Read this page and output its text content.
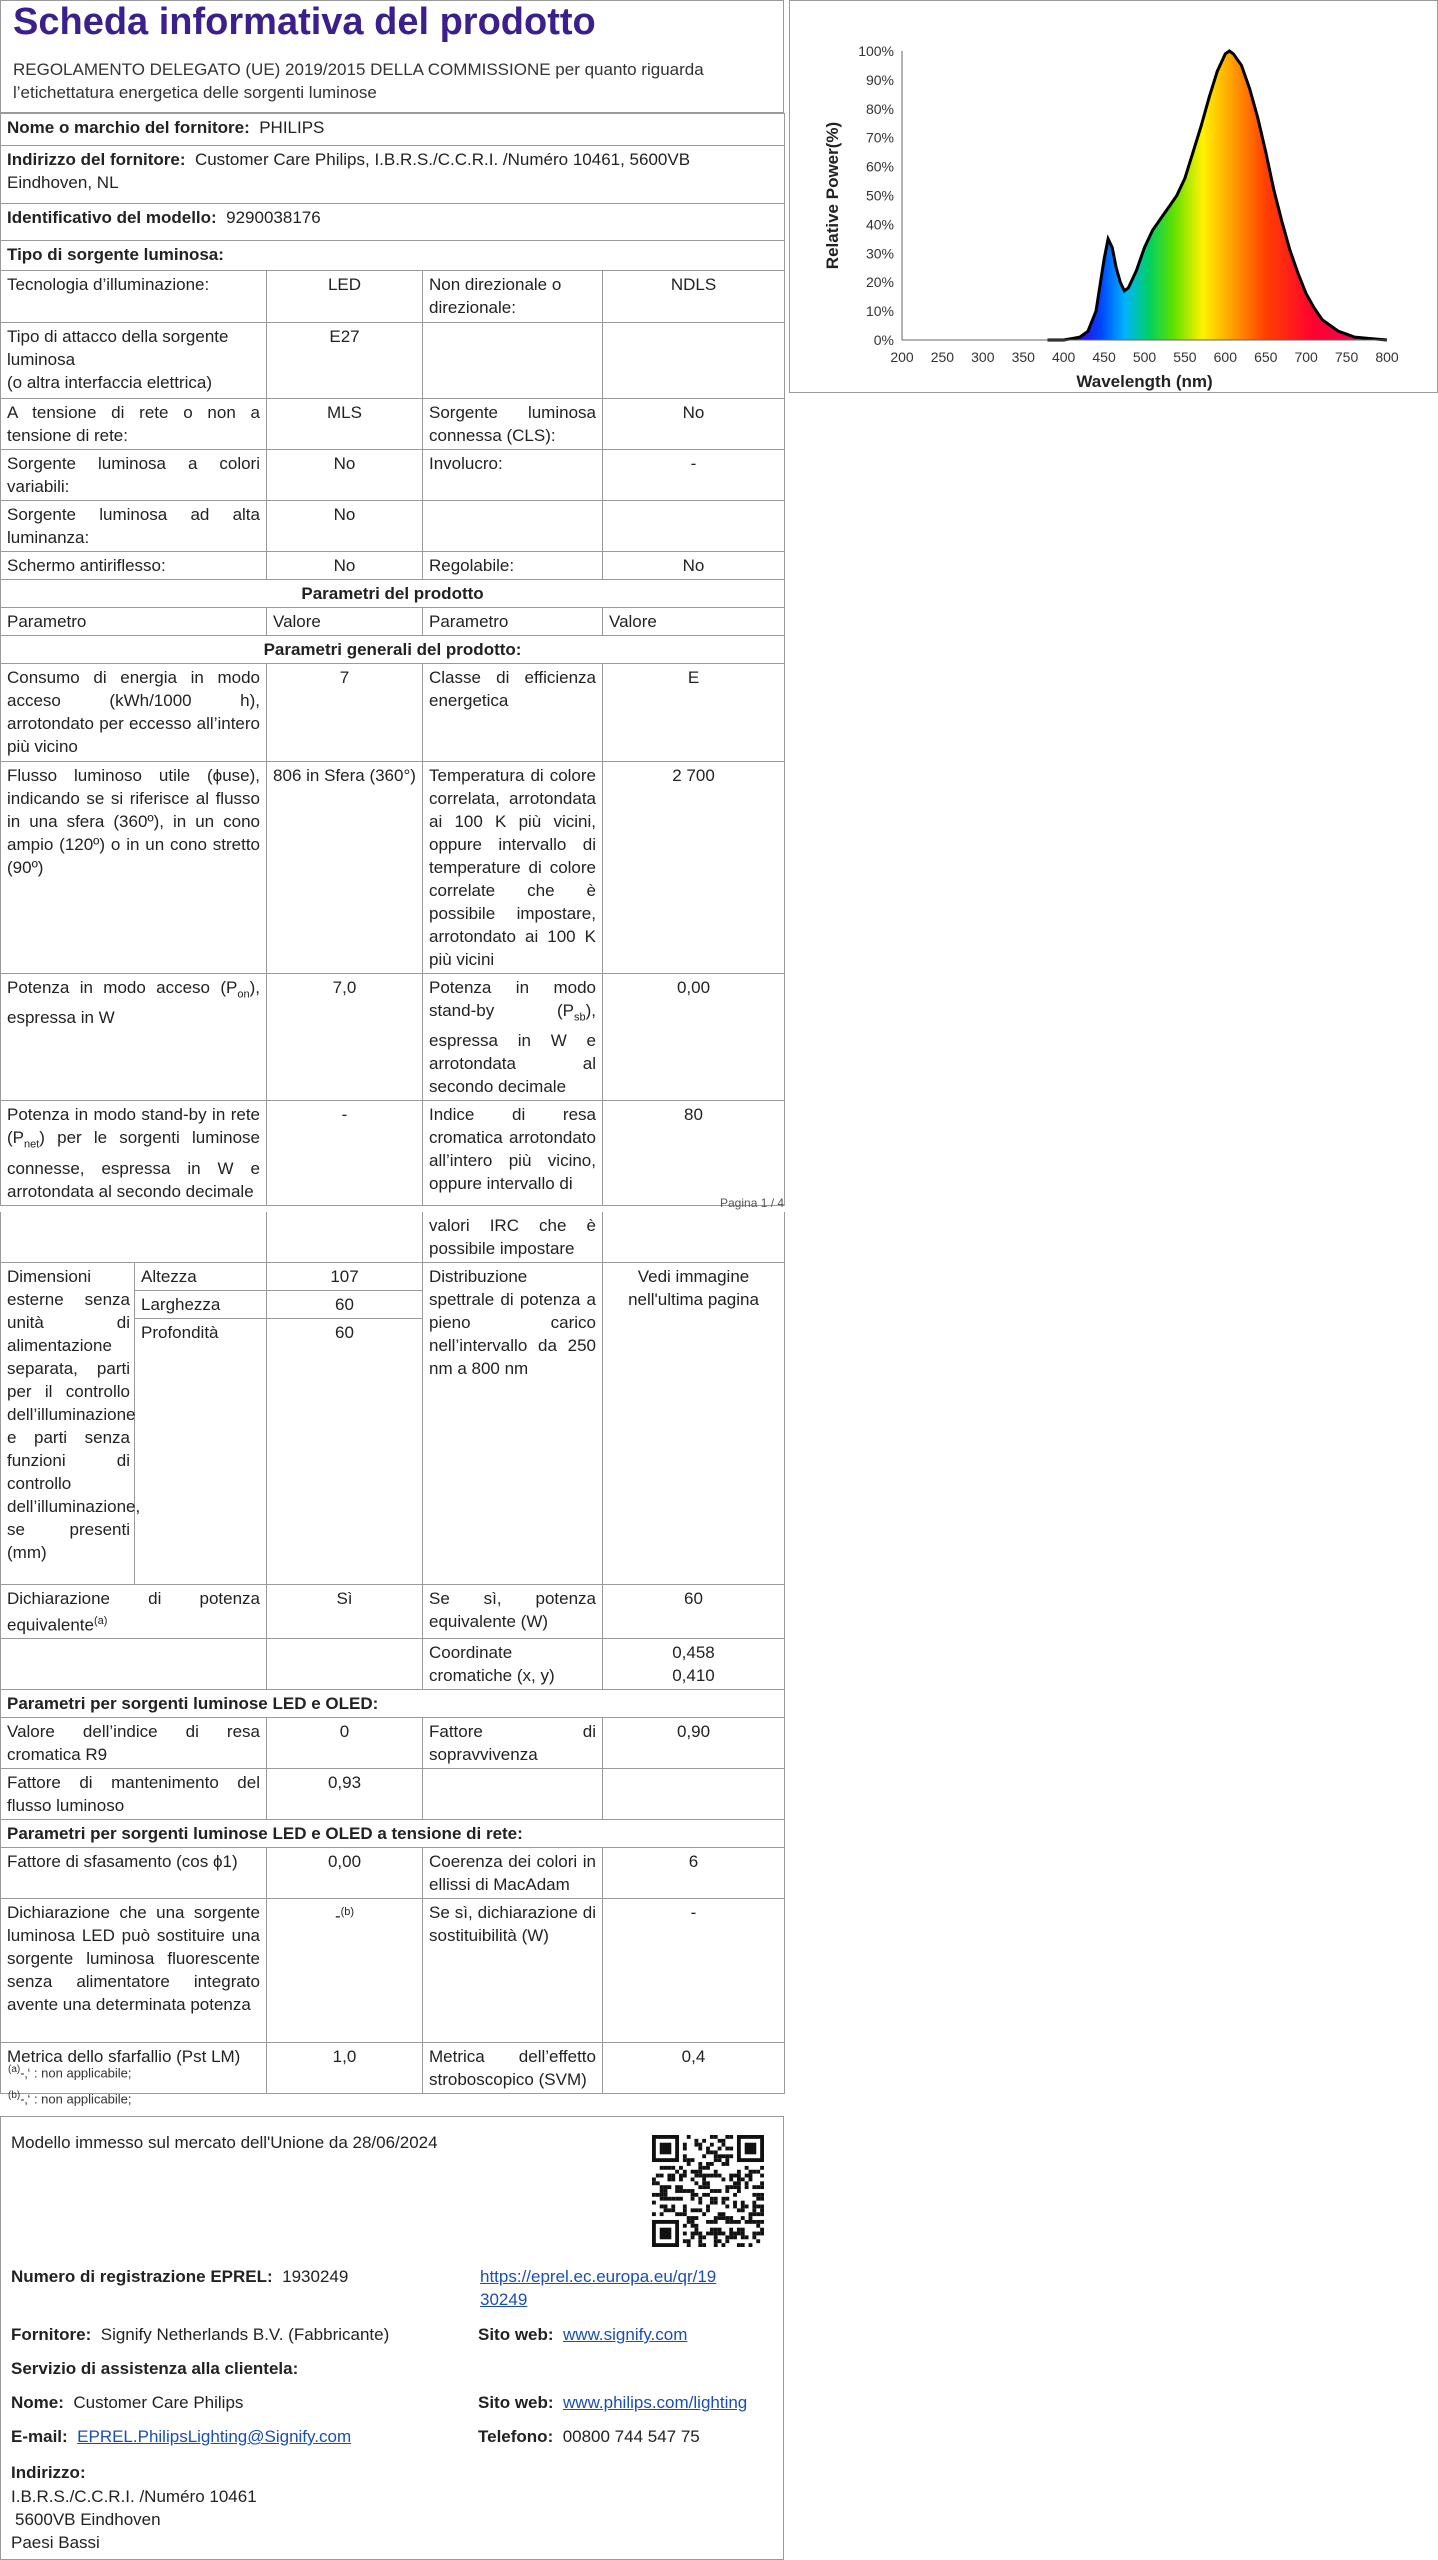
Scheda informativa del prodotto
REGOLAMENTO DELEGATO (UE) 2019/2015 DELLA COMMISSIONE per quanto riguarda l’etichettatura energetica delle sorgenti luminose
200 250 300 350 400 450 500 550 600 650 700 750 800
0%
10%
20%
30%
40%
50%
60%
70%
80%
90%
100%
Wavelength (nm)
Relative Power(%)
Nome o marchio del fornitore: PHILIPS			
Indirizzo del fornitore: Customer Care Philips, I.B.R.S./C.C.R.I. /Numéro 10461, 5600VB Eindhoven, NL			
Identificativo del modello: 9290038176			
Tipo di sorgente luminosa:			
Tecnologia d’illuminazione:	LED	Non direzionale o direzionale:	NDLS
Tipo di attacco della sorgente luminosa
(o altra interfaccia elettrica)	E27		
A tensione di rete o non a tensione di rete:	MLS	Sorgente luminosa connessa (CLS):	No
Sorgente luminosa a colori variabili:	No	Involucro:	-
Sorgente luminosa ad alta luminanza:	No		
Schermo antiriflesso:	No	Regolabile:	No
Parametri del prodotto			
Parametro	Valore	Parametro	Valore
Parametri generali del prodotto:			
Consumo di energia in modo acceso (kWh/1000 h), arrotondato per eccesso all’intero più vicino	7	Classe di efficienza energetica	E
Flusso luminoso utile (ϕuse), indicando se si riferisce al flusso in una sfera (360º), in un cono ampio (120º) o in un cono stretto (90º)	806 in Sfera (360°)	Temperatura di colore correlata, arrotondata ai 100 K più vicini, oppure intervallo di temperature di colore correlate che è possibile impostare, arrotondato ai 100 K più vicini	2 700
Potenza in modo acceso $(P_{on})$, espressa in W	7,0	Potenza in modo stand-by $(P_{sb})$, espressa in W e arrotondata al secondo decimale	0,00
Potenza in modo stand-by in rete $(P_{net})$ per le sorgenti luminose connesse, espressa in W e arrotondata al secondo decimale	-	Indice di resa cromatica arrotondato all’intero più vicino, oppure intervallo di	80
Pagina 1 / 4
			valori IRC che è possibile impostare	
Dimensioni esterne senza unità di alimentazione separata, parti per il controllo dell’illuminazione e parti senza funzioni di controllo dell’illuminazione, se presenti (mm)	Altezza	107	Distribuzione spettrale di potenza a pieno carico nell’intervallo da 250 nm a 800 nm	Vedi immagine nell'ultima pagina
	Larghezza	60		
	Profondità	60		

Dichiarazione di potenza equivalente$^{(a)}$		Sì	Se sì, potenza equivalente (W)	60
			Coordinate cromatiche (x, y)	0,458
0,410
Parametri per sorgenti luminose LED e OLED:				
Valore dell’indice di resa cromatica R9		0	Fattore di sopravvivenza	0,90
Fattore di mantenimento del flusso luminoso		0,93		
Parametri per sorgenti luminose LED e OLED a tensione di rete:				
Fattore di sfasamento (cos ϕ1)		0,00	Coerenza dei colori in ellissi di MacAdam	6
Dichiarazione che una sorgente luminosa LED può sostituire una sorgente luminosa fluorescente senza alimentatore integrato avente una determinata potenza		-$^{(b)}$	Se sì, dichiarazione di sostituibilità (W)	-
Metrica dello sfarfallio (Pst LM)		1,0	Metrica dell’effetto stroboscopico (SVM)	0,4
$^{(a)}$-‚‘ : non applicabile;
$^{(b)}$-‚‘ : non applicabile;
Modello immesso sul mercato dell'Unione da 28/06/2024
Numero di registrazione EPREL: 1930249	https://eprel.ec.europa.eu/qr/19
30249
Fornitore: Signify Netherlands B.V. (Fabbricante)	Sito web: www.signify.com
Servizio di assistenza alla clientela:
Nome: Customer Care Philips	Sito web: www.philips.com/lighting
E-mail: EPREL.PhilipsLighting@Signify.com	Telefono: 00800 744 547 75
Indirizzo:
I.B.R.S./C.C.R.I. /Numéro 10461
5600VB Eindhoven
Paesi Bassi
